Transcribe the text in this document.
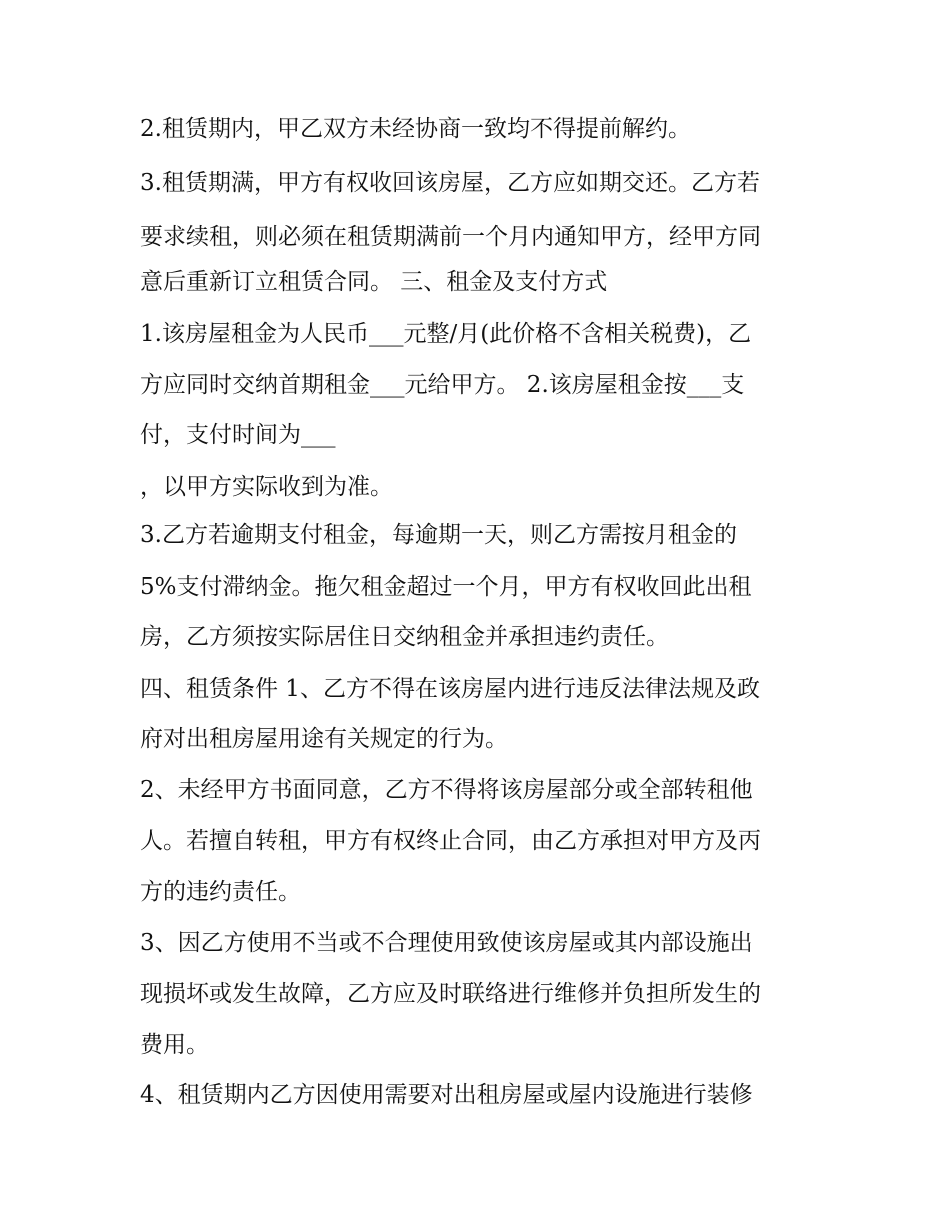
2.租赁期内，甲乙双方未经协商一致均不得提前解约。
3.租赁期满，甲方有权收回该房屋，乙方应如期交还。乙方若
要求续租，则必须在租赁期满前一个月内通知甲方，经甲方同
意后重新订立租赁合同。 三、租金及支付方式
1.该房屋租金为人民币___元整/月(此价格不含相关税费)，乙
方应同时交纳首期租金___元给甲方。 2.该房屋租金按___支
付，支付时间为___
，以甲方实际收到为准。
3.乙方若逾期支付租金，每逾期一天，则乙方需按月租金的
5%支付滞纳金。拖欠租金超过一个月，甲方有权收回此出租
房，乙方须按实际居住日交纳租金并承担违约责任。
四、租赁条件 1、乙方不得在该房屋内进行违反法律法规及政
府对出租房屋用途有关规定的行为。
2、未经甲方书面同意，乙方不得将该房屋部分或全部转租他
人。若擅自转租，甲方有权终止合同，由乙方承担对甲方及丙
方的违约责任。
3、因乙方使用不当或不合理使用致使该房屋或其内部设施出
现损坏或发生故障，乙方应及时联络进行维修并负担所发生的
费用。
4、租赁期内乙方因使用需要对出租房屋或屋内设施进行装修
